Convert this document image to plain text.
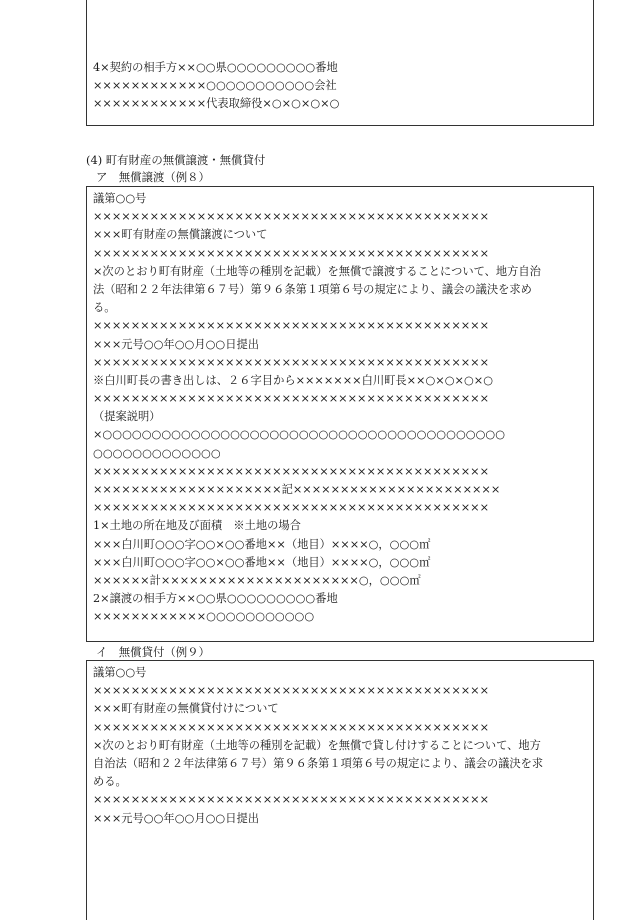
4×契約の相手方××○○県○○○○○○○○○番地
××××××××××××○○○○○○○○○○○会社
××××××××××××代表取締役×○×○×○×○
(4) 町有財産の無償譲渡・無償貸付
ア　無償譲渡（例８）
議第○○号
××××××××××××××××××××××××××××××××××××××××××
×××町有財産の無償譲渡について
××××××××××××××××××××××××××××××××××××××××××
×次のとおり町有財産（土地等の種別を記載）を無償で譲渡することについて、地方自治
法（昭和２２年法律第６７号）第９６条第１項第６号の規定により、議会の議決を求め
る。
××××××××××××××××××××××××××××××××××××××××××
×××元号○○年○○月○○日提出
××××××××××××××××××××××××××××××××××××××××××
※白川町長の書き出しは、２６字目から×××××××白川町長××○×○×○×○
××××××××××××××××××××××××××××××××××××××××××
（提案説明）
×○○○○○○○○○○○○○○○○○○○○○○○○○○○○○○○○○○○○○○○○○
○○○○○○○○○○○○○
××××××××××××××××××××××××××××××××××××××××××
××××××××××××××××××××記××××××××××××××××××××××
××××××××××××××××××××××××××××××××××××××××××
1×土地の所在地及び面積　※土地の場合
×××白川町○○○字○○×○○番地××（地目）××××○，○○○㎡
×××白川町○○○字○○×○○番地××（地目）××××○，○○○㎡
××××××計×××××××××××××××××××××○，○○○㎡
2×譲渡の相手方××○○県○○○○○○○○○番地
××××××××××××○○○○○○○○○○○
イ　無償貸付（例９）
議第○○号
××××××××××××××××××××××××××××××××××××××××××
×××町有財産の無償貸付けについて
××××××××××××××××××××××××××××××××××××××××××
×次のとおり町有財産（土地等の種別を記載）を無償で貸し付けすることについて、地方
自治法（昭和２２年法律第６７号）第９６条第１項第６号の規定により、議会の議決を求
める。
××××××××××××××××××××××××××××××××××××××××××
×××元号○○年○○月○○日提出
